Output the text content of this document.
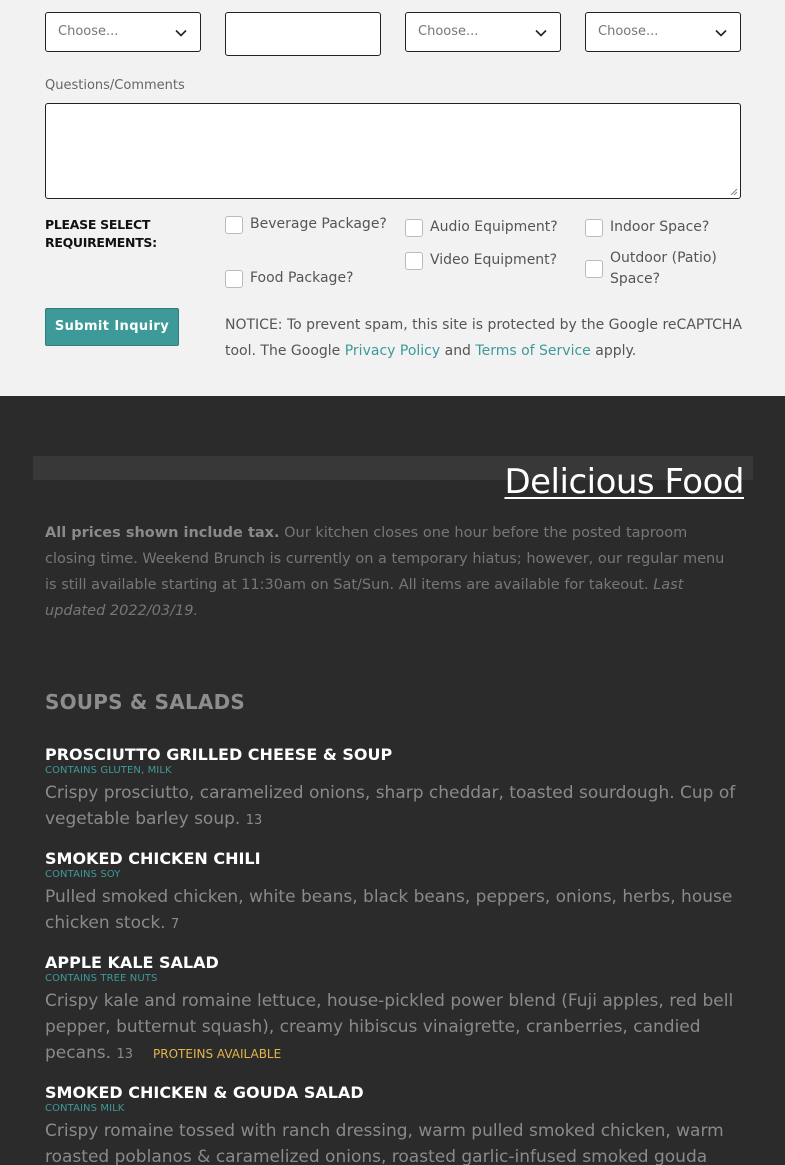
Choose...	Choose...	Choose...
Questions/Comments
PLEASE SELECT REQUIREMENTS:
Beverage Package?
Food Package?
Audio Equipment?
Video Equipment?
Indoor Space?
Outdoor (Patio) Space?
Submit Inquiry	NOTICE: To prevent spam, this site is protected by the Google reCAPTCHA tool. The Google Privacy Policy and Terms of Service apply.
Delicious Food
All prices shown include tax. Our kitchen closes one hour before the posted taproom closing time. Weekend Brunch is currently on a temporary hiatus; however, our regular menu is still available starting at 11:30am on Sat/Sun. All items are available for takeout. Last updated 2022/03/19.
SOUPS & SALADS
PROSCIUTTO GRILLED CHEESE & SOUP
CONTAINS GLUTEN, MILK
Crispy prosciutto, caramelized onions, sharp cheddar, toasted sourdough. Cup of vegetable barley soup. 13
SMOKED CHICKEN CHILI
CONTAINS SOY
Pulled smoked chicken, white beans, black beans, peppers, onions, herbs, house chicken stock. 7
APPLE KALE SALAD
CONTAINS TREE NUTS
Crispy kale and romaine lettuce, house-pickled power blend (Fuji apples, red bell pepper, butternut squash), creamy hibiscus vinaigrette, cranberries, candied pecans. 13 PROTEINS AVAILABLE
SMOKED CHICKEN & GOUDA SALAD
CONTAINS MILK
Crispy romaine tossed with ranch dressing, warm pulled smoked chicken, warm roasted poblanos & caramelized onions, roasted garlic-infused smoked gouda
